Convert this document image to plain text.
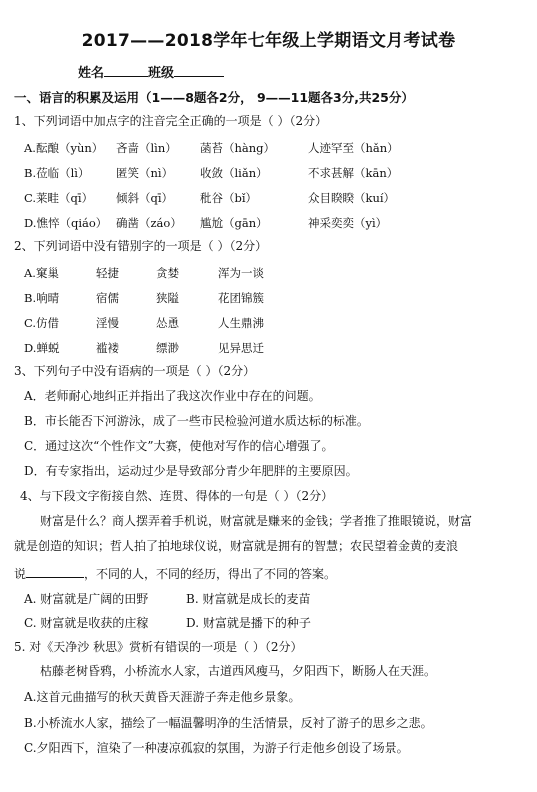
2017——2018学年七年级上学期语文月考试卷
姓名	班级
一、语言的积累及运用（1——8题各2分， 9——11题各3分,共25分）
1、下列词语中加点字的注音完全正确的一项是（ ）（2分）
A.酝酿（yùn） 吝啬（lìn） 菡苔（hàng）	人迹罕至（hǎn）
B.莅临（lì） 匿笑（nì） 收敛（liǎn）	不求甚解（kān）
C.莱畦（qī） 倾斜（qī） 秕谷（bǐ）	众目睽睽（kuí）
D.憔悴（qiáo） 确凿（záo） 尴尬（gān）	神采奕奕（yì）
2、下列词语中没有错别字的一项是（ ）（2分）
A.窠巢	轻捷	贪婪	浑为一谈
B.响晴	宿儒	狭隘	花团锦簇
C.仿借	淫慢	怂恿	人生鼎沸
D.蝉蜕	褴褛	缥渺	见异思迁
3、下列句子中没有语病的一项是（ ）（2分）
A．老师耐心地纠正并指出了我这次作业中存在的问题。
B．市长能否下河游泳，成了一些市民检验河道水质达标的标准。
C．通过这次“个性作文”大赛，使他对写作的信心增强了。
D．有专家指出，运动过少是导致部分青少年肥胖的主要原因。
4、与下段文字衔接自然、连贯、得体的一句是（ ）（2分）
财富是什么？商人摆弄着手机说，财富就是赚来的金钱；学者推了推眼镜说，财富
就是创造的知识；哲人拍了拍地球仪说，财富就是拥有的智慧；农民望着金黄的麦浪
说	，不同的人，不同的经历，得出了不同的答案。
A. 财富就是广阔的田野	B. 财富就是成长的麦苗
C. 财富就是收获的庄稼	D. 财富就是播下的种子
5. 对《天净沙 秋思》赏析有错误的一项是（ ）（2分）
枯藤老树昏鸦，小桥流水人家，古道西风瘦马，夕阳西下，断肠人在天涯。
A.这首元曲描写的秋天黄昏天涯游子奔走他乡景象。
B.小桥流水人家，描绘了一幅温馨明净的生活情景，反衬了游子的思乡之悲。
C.夕阳西下，渲染了一种凄凉孤寂的氛围，为游子行走他乡创设了场景。
